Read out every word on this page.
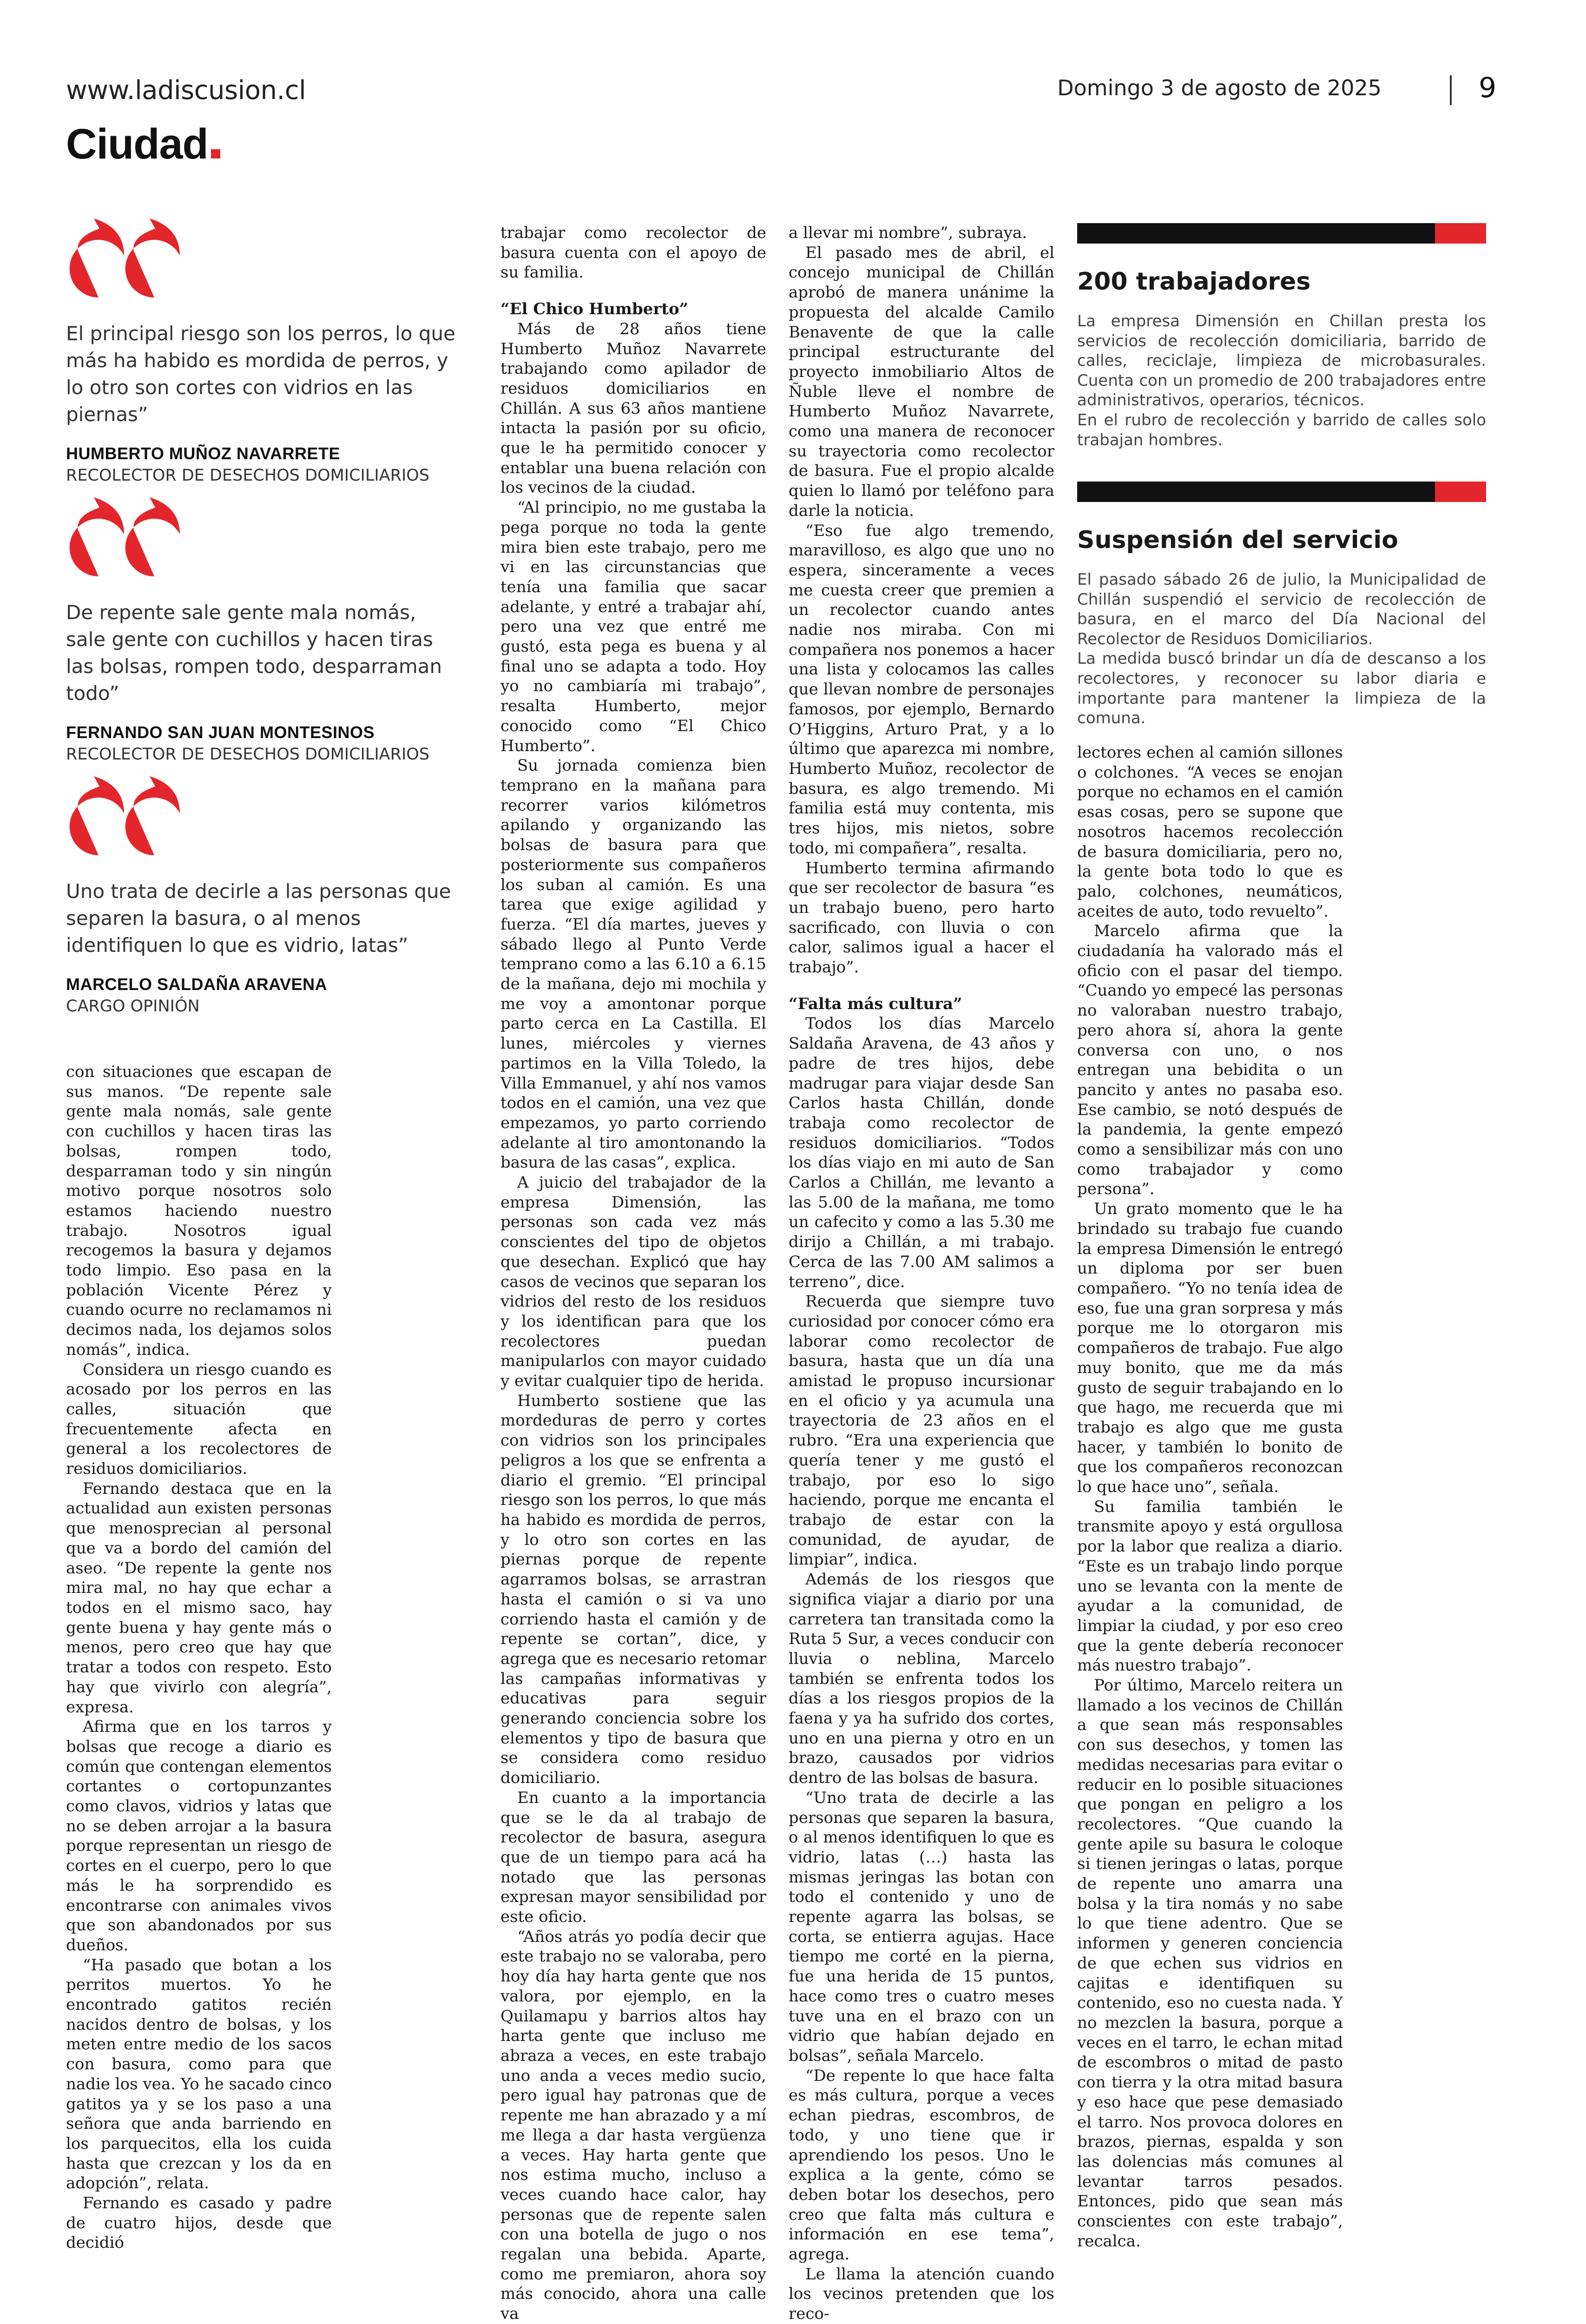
www.ladiscusion.cl	Domingo 3 de agosto de 2025	9
Ciudad
El principal riesgo son los perros, lo que más ha habido es mordida de perros, y lo otro son cortes con vidrios en las piernas”
HUMBERTO MUÑOZ NAVARRETE
RECOLECTOR DE DESECHOS DOMICILIARIOS
De repente sale gente mala nomás, sale gente con cuchillos y hacen tiras las bolsas, rompen todo, desparraman todo”
FERNANDO SAN JUAN MONTESINOS
RECOLECTOR DE DESECHOS DOMICILIARIOS
Uno trata de decirle a las personas que separen la basura, o al menos identifiquen lo que es vidrio, latas”
MARCELO SALDAÑA ARAVENA
CARGO OPINIÓN

con situaciones que escapan de sus manos. “De repente sale gente mala nomás, sale gente con cuchillos y hacen tiras las bolsas, rompen todo, desparraman todo y sin ningún motivo porque nosotros solo estamos haciendo nuestro trabajo. Nosotros igual recogemos la basura y dejamos todo limpio. Eso pasa en la población Vicente Pérez y cuando ocurre no reclamamos ni decimos nada, los dejamos solos nomás”, indica.

Considera un riesgo cuando es acosado por los perros en las calles, situación que frecuentemente afecta en general a los recolectores de residuos domiciliarios.

Fernando destaca que en la actualidad aun existen personas que menosprecian al personal que va a bordo del camión del aseo. “De repente la gente nos mira mal, no hay que echar a todos en el mismo saco, hay gente buena y hay gente más o menos, pero creo que hay que tratar a todos con respeto. Esto hay que vivirlo con alegría”, expresa.

Afirma que en los tarros y bolsas que recoge a diario es común que contengan elementos cortantes o cortopunzantes como clavos, vidrios y latas que no se deben arrojar a la basura porque representan un riesgo de cortes en el cuerpo, pero lo que más le ha sorprendido es encontrarse con animales vivos que son abandonados por sus dueños.

“Ha pasado que botan a los perritos muertos. Yo he encontrado gatitos recién nacidos dentro de bolsas, y los meten entre medio de los sacos con basura, como para que nadie los vea. Yo he sacado cinco gatitos ya y se los paso a una señora que anda barriendo en los parquecitos, ella los cuida hasta que crezcan y los da en adopción”, relata.

Fernando es casado y padre de cuatro hijos, desde que decidió

trabajar como recolector de basura cuenta con el apoyo de su familia.

“El Chico Humberto”

Más de 28 años tiene Humberto Muñoz Navarrete trabajando como apilador de residuos domiciliarios en Chillán. A sus 63 años mantiene intacta la pasión por su oficio, que le ha permitido conocer y entablar una buena relación con los vecinos de la ciudad.

“Al principio, no me gustaba la pega porque no toda la gente mira bien este trabajo, pero me vi en las circunstancias que tenía una familia que sacar adelante, y entré a trabajar ahí, pero una vez que entré me gustó, esta pega es buena y al final uno se adapta a todo. Hoy yo no cambiaría mi trabajo”, resalta Humberto, mejor conocido como “El Chico Humberto”.

Su jornada comienza bien temprano en la mañana para recorrer varios kilómetros apilando y organizando las bolsas de basura para que posteriormente sus compañeros los suban al camión. Es una tarea que exige agilidad y fuerza. “El día martes, jueves y sábado llego al Punto Verde temprano como a las 6.10 a 6.15 de la mañana, dejo mi mochila y me voy a amontonar porque parto cerca en La Castilla. El lunes, miércoles y viernes partimos en la Villa Toledo, la Villa Emmanuel, y ahí nos vamos todos en el camión, una vez que empezamos, yo parto corriendo adelante al tiro amontonando la basura de las casas”, explica.

A juicio del trabajador de la empresa Dimensión, las personas son cada vez más conscientes del tipo de objetos que desechan. Explicó que hay casos de vecinos que separan los vidrios del resto de los residuos y los identifican para que los recolectores puedan manipularlos con mayor cuidado y evitar cualquier tipo de herida.

Humberto sostiene que las mordeduras de perro y cortes con vidrios son los principales peligros a los que se enfrenta a diario el gremio. “El principal riesgo son los perros, lo que más ha habido es mordida de perros, y lo otro son cortes en las piernas porque de repente agarramos bolsas, se arrastran hasta el camión o si va uno corriendo hasta el camión y de repente se cortan”, dice, y agrega que es necesario retomar las campañas informativas y educativas para seguir generando conciencia sobre los elementos y tipo de basura que se considera como residuo domiciliario.

En cuanto a la importancia que se le da al trabajo de recolector de basura, asegura que de un tiempo para acá ha notado que las personas expresan mayor sensibilidad por este oficio.

“Años atrás yo podía decir que este trabajo no se valoraba, pero hoy día hay harta gente que nos valora, por ejemplo, en la Quilamapu y barrios altos hay harta gente que incluso me abraza a veces, en este trabajo uno anda a veces medio sucio, pero igual hay patronas que de repente me han abrazado y a mí me llega a dar hasta vergüenza a veces. Hay harta gente que nos estima mucho, incluso a veces cuando hace calor, hay personas que de repente salen con una botella de jugo o nos regalan una bebida. Aparte, como me premiaron, ahora soy más conocido, ahora una calle va

a llevar mi nombre”, subraya.

El pasado mes de abril, el concejo municipal de Chillán aprobó de manera unánime la propuesta del alcalde Camilo Benavente de que la calle principal estructurante del proyecto inmobiliario Altos de Ñuble lleve el nombre de Humberto Muñoz Navarrete, como una manera de reconocer su trayectoria como recolector de basura. Fue el propio alcalde quien lo llamó por teléfono para darle la noticia.

“Eso fue algo tremendo, maravilloso, es algo que uno no espera, sinceramente a veces me cuesta creer que premien a un recolector cuando antes nadie nos miraba. Con mi compañera nos ponemos a hacer una lista y colocamos las calles que llevan nombre de personajes famosos, por ejemplo, Bernardo O’Higgins, Arturo Prat, y a lo último que aparezca mi nombre, Humberto Muñoz, recolector de basura, es algo tremendo. Mi familia está muy contenta, mis tres hijos, mis nietos, sobre todo, mi compañera”, resalta.

Humberto termina afirmando que ser recolector de basura “es un trabajo bueno, pero harto sacrificado, con lluvia o con calor, salimos igual a hacer el trabajo”.

“Falta más cultura”

Todos los días Marcelo Saldaña Aravena, de 43 años y padre de tres hijos, debe madrugar para viajar desde San Carlos hasta Chillán, donde trabaja como recolector de residuos domiciliarios. “Todos los días viajo en mi auto de San Carlos a Chillán, me levanto a las 5.00 de la mañana, me tomo un cafecito y como a las 5.30 me dirijo a Chillán, a mi trabajo. Cerca de las 7.00 AM salimos a terreno”, dice.

Recuerda que siempre tuvo curiosidad por conocer cómo era laborar como recolector de basura, hasta que un día una amistad le propuso incursionar en el oficio y ya acumula una trayectoria de 23 años en el rubro. “Era una experiencia que quería tener y me gustó el trabajo, por eso lo sigo haciendo, porque me encanta el trabajo de estar con la comunidad, de ayudar, de limpiar”, indica.

Además de los riesgos que significa viajar a diario por una carretera tan transitada como la Ruta 5 Sur, a veces conducir con lluvia o neblina, Marcelo también se enfrenta todos los días a los riesgos propios de la faena y ya ha sufrido dos cortes, uno en una pierna y otro en un brazo, causados por vidrios dentro de las bolsas de basura.

“Uno trata de decirle a las personas que separen la basura, o al menos identifiquen lo que es vidrio, latas (…) hasta las mismas jeringas las botan con todo el contenido y uno de repente agarra las bolsas, se corta, se entierra agujas. Hace tiempo me corté en la pierna, fue una herida de 15 puntos, hace como tres o cuatro meses tuve una en el brazo con un vidrio que habían dejado en bolsas”, señala Marcelo.

“De repente lo que hace falta es más cultura, porque a veces echan piedras, escombros, de todo, y uno tiene que ir aprendiendo los pesos. Uno le explica a la gente, cómo se deben botar los desechos, pero creo que falta más cultura e información en ese tema”, agrega.

Le llama la atención cuando los vecinos pretenden que los reco-

200 trabajadores

La empresa Dimensión en Chillan presta los servicios de recolección domiciliaria, barrido de calles, reciclaje, limpieza de microbasurales. Cuenta con un promedio de 200 trabajadores entre administrativos, operarios, técnicos.

En el rubro de recolección y barrido de calles solo trabajan hombres.

Suspensión del servicio

El pasado sábado 26 de julio, la Municipalidad de Chillán suspendió el servicio de recolección de basura, en el marco del Día Nacional del Recolector de Residuos Domiciliarios.

La medida buscó brindar un día de descanso a los recolectores, y reconocer su labor diaria e importante para mantener la limpieza de la comuna.

lectores echen al camión sillones o colchones. “A veces se enojan porque no echamos en el camión esas cosas, pero se supone que nosotros hacemos recolección de basura domiciliaria, pero no, la gente bota todo lo que es palo, colchones, neumáticos, aceites de auto, todo revuelto”.

Marcelo afirma que la ciudadanía ha valorado más el oficio con el pasar del tiempo. “Cuando yo empecé las personas no valoraban nuestro trabajo, pero ahora sí, ahora la gente conversa con uno, o nos entregan una bebidita o un pancito y antes no pasaba eso. Ese cambio, se notó después de la pandemia, la gente empezó como a sensibilizar más con uno como trabajador y como persona”.

Un grato momento que le ha brindado su trabajo fue cuando la empresa Dimensión le entregó un diploma por ser buen compañero. “Yo no tenía idea de eso, fue una gran sorpresa y más porque me lo otorgaron mis compañeros de trabajo. Fue algo muy bonito, que me da más gusto de seguir trabajando en lo que hago, me recuerda que mi trabajo es algo que me gusta hacer, y también lo bonito de que los compañeros reconozcan lo que hace uno”, señala.

Su familia también le transmite apoyo y está orgullosa por la labor que realiza a diario. “Este es un trabajo lindo porque uno se levanta con la mente de ayudar a la comunidad, de limpiar la ciudad, y por eso creo que la gente debería reconocer más nuestro trabajo”.

Por último, Marcelo reitera un llamado a los vecinos de Chillán a que sean más responsables con sus desechos, y tomen las medidas necesarias para evitar o reducir en lo posible situaciones que pongan en peligro a los recolectores. “Que cuando la gente apile su basura le coloque si tienen jeringas o latas, porque de repente uno amarra una bolsa y la tira nomás y no sabe lo que tiene adentro. Que se informen y generen conciencia de que echen sus vidrios en cajitas e identifiquen su contenido, eso no cuesta nada. Y no mezclen la basura, porque a veces en el tarro, le echan mitad de escombros o mitad de pasto con tierra y la otra mitad basura y eso hace que pese demasiado el tarro. Nos provoca dolores en brazos, piernas, espalda y son las dolencias más comunes al levantar tarros pesados. Entonces, pido que sean más conscientes con este trabajo”, recalca.
